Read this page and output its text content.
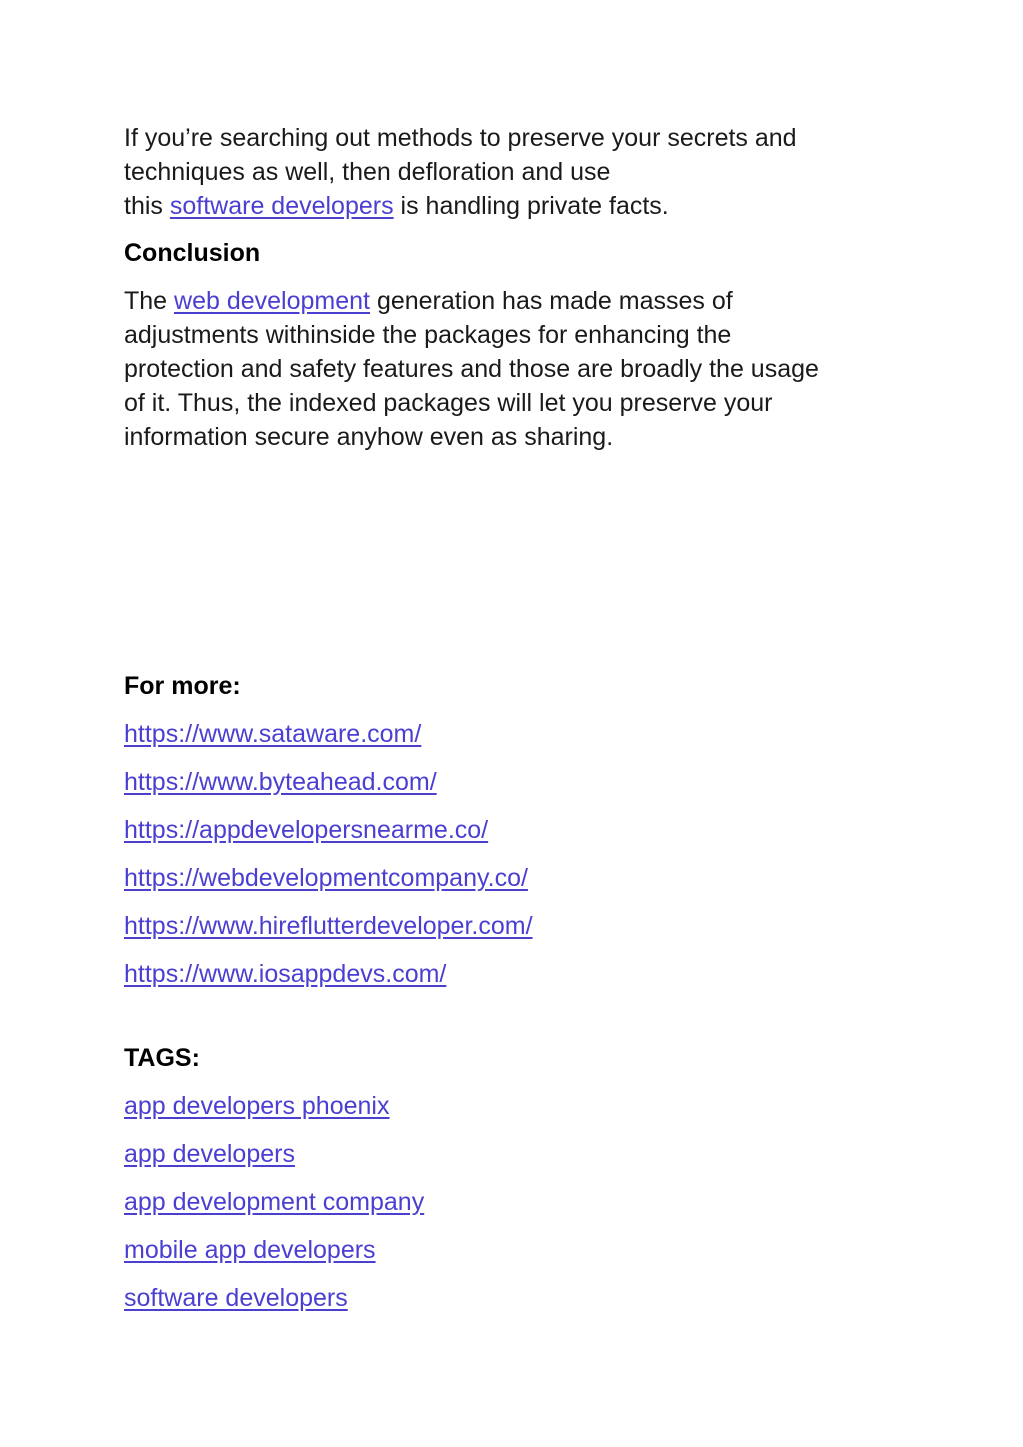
If you’re searching out methods to preserve your secrets and
techniques as well, then defloration and use
this software developers is handling private facts.

Conclusion

The web development generation has made masses of
adjustments withinside the packages for enhancing the
protection and safety features and those are broadly the usage
of it. Thus, the indexed packages will let you preserve your
information secure anyhow even as sharing.

For more:

https://www.sataware.com/

https://www.byteahead.com/

https://appdevelopersnearme.co/

https://webdevelopmentcompany.co/

https://www.hireflutterdeveloper.com/

https://www.iosappdevs.com/

TAGS:

app developers phoenix

app developers

app development company

mobile app developers

software developers
